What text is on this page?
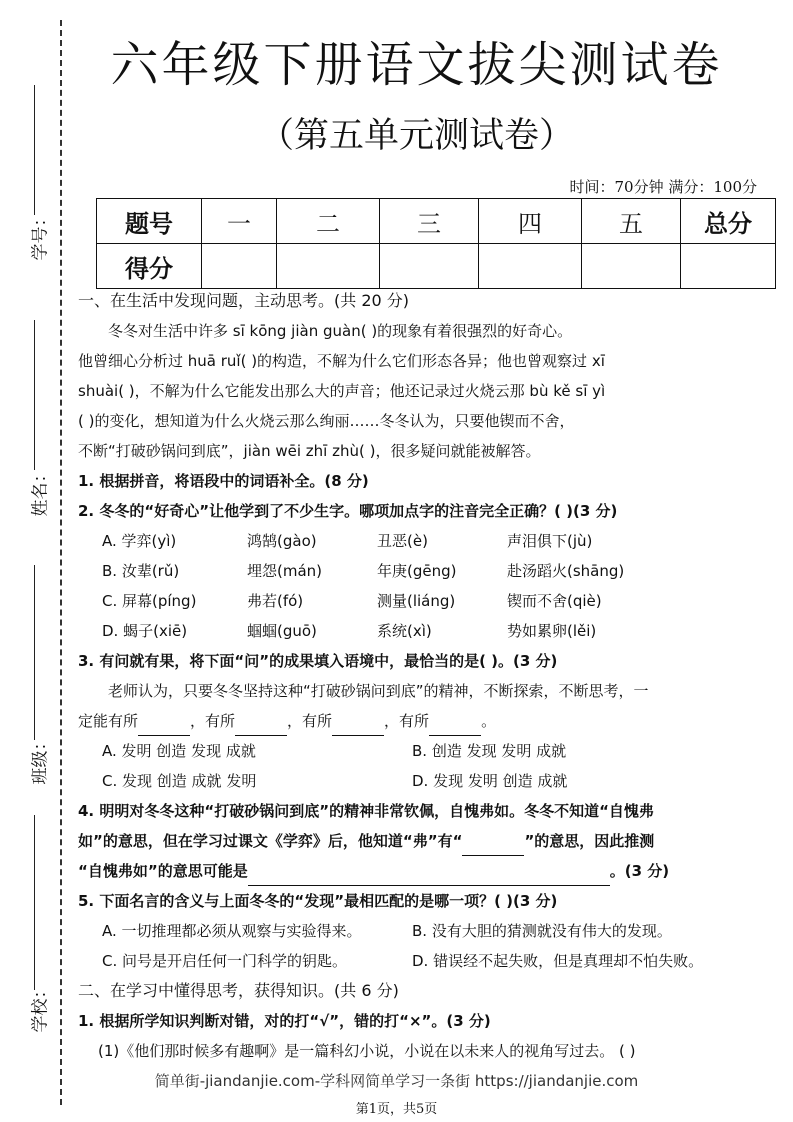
学号：
姓名：
班级：
学校：
六年级下册语文拔尖测试卷
（第五单元测试卷）
时间：70分钟 满分：100分
题号	一	二	三	四	五	总分
得分						
一、在生活中发现问题，主动思考。(共 20 分)
冬冬对生活中许多 sī kōng jiàn guàn( )的现象有着很强烈的好奇心。
他曾细心分析过 huā ruǐ( )的构造，不解为什么它们形态各异；他也曾观察过 xī
shuài( )，不解为什么它能发出那么大的声音；他还记录过火烧云那 bù kě sī yì
( )的变化，想知道为什么火烧云那么绚丽……冬冬认为，只要他锲而不舍，
不断“打破砂锅问到底”，jiàn wēi zhī zhù( )，很多疑问就能被解答。
1. 根据拼音，将语段中的词语补全。(8 分)
2. 冬冬的“好奇心”让他学到了不少生字。哪项加点字的注音完全正确？( )(3 分)
A. 学弈(yì)	鸿鹄(gào)	丑恶(è)	声泪俱下(jù)
B. 汝辈(rǔ)	埋怨(mán)	年庚(gēng)	赴汤蹈火(shāng)
C. 屏幕(píng)	弗若(fó)	测量(liáng)	锲而不舍(qiè)
D. 蝎子(xiē)	蝈蝈(guō)	系统(xì)	势如累卵(lěi)
3. 有问就有果，将下面“问”的成果填入语境中，最恰当的是( )。(3 分)
老师认为，只要冬冬坚持这种“打破砂锅问到底”的精神，不断探索，不断思考，一
定能有所	，有所	，有所	，有所	。
A. 发明 创造 发现 成就	B. 创造 发现 发明 成就
C. 发现 创造 成就 发明	D. 发现 发明 创造 成就
4. 明明对冬冬这种“打破砂锅问到底”的精神非常钦佩，自愧弗如。冬冬不知道“自愧弗
如”的意思，但在学习过课文《学弈》后，他知道“弗”有“	”的意思，因此推测
“自愧弗如”的意思可能是	。(3 分)
5. 下面名言的含义与上面冬冬的“发现”最相匹配的是哪一项？( )(3 分)
A. 一切推理都必须从观察与实验得来。	B. 没有大胆的猜测就没有伟大的发现。
C. 问号是开启任何一门科学的钥匙。	D. 错误经不起失败，但是真理却不怕失败。
二、在学习中懂得思考，获得知识。(共 6 分)
1. 根据所学知识判断对错，对的打“√”，错的打“×”。(3 分)
(1)《他们那时候多有趣啊》是一篇科幻小说，小说在以未来人的视角写过去。 ( )
简单街-jiandanjie.com-学科网简单学习一条街 https://jiandanjie.com
第1页，共5页
